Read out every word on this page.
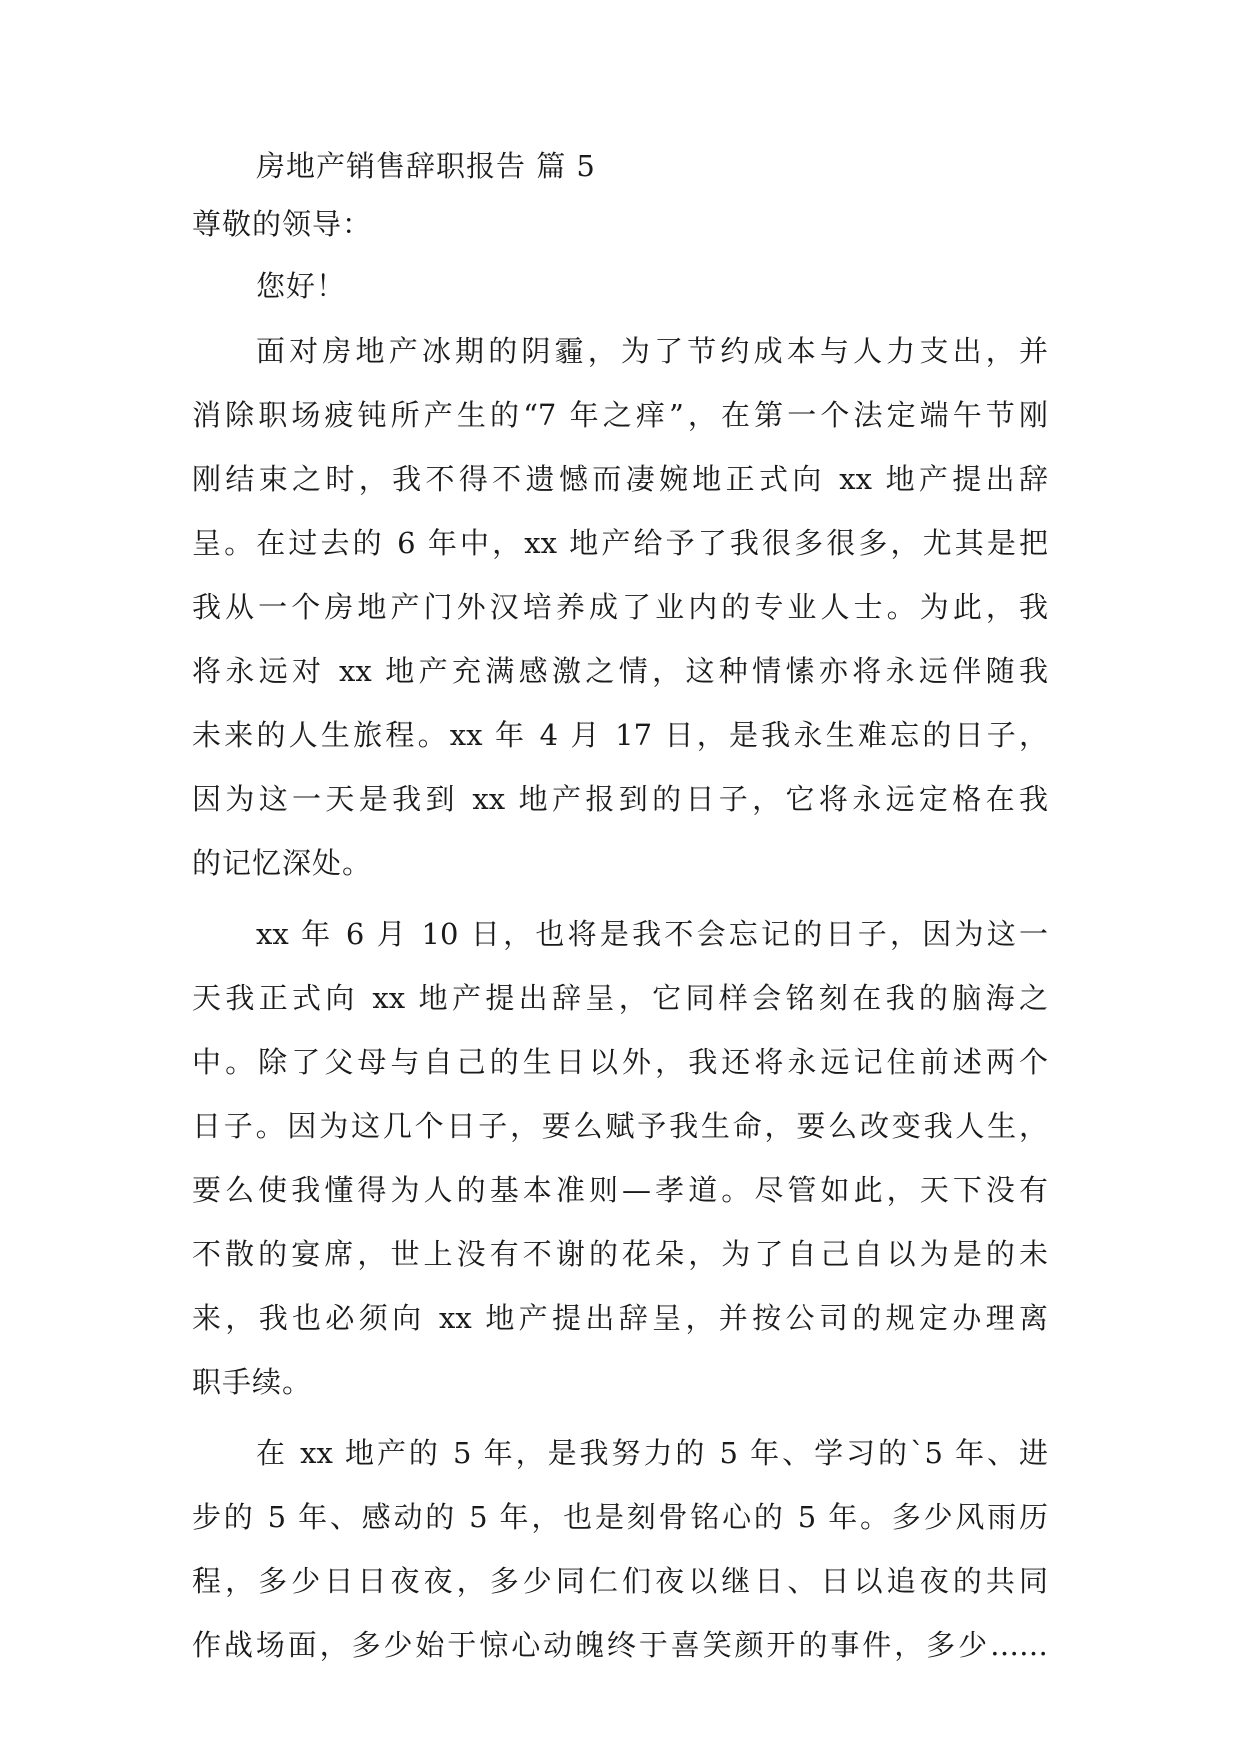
房地产销售辞职报告 篇 5
尊敬的领导：
您好！
面对房地产冰期的阴霾，为了节约成本与人力支出，并
消除职场疲钝所产生的“7 年之痒”，在第一个法定端午节刚
刚结束之时，我不得不遗憾而凄婉地正式向 xx 地产提出辞
呈。在过去的 6 年中，xx 地产给予了我很多很多，尤其是把
我从一个房地产门外汉培养成了业内的专业人士。为此，我
将永远对 xx 地产充满感激之情，这种情愫亦将永远伴随我
未来的人生旅程。xx 年 4 月 17 日，是我永生难忘的日子，
因为这一天是我到 xx 地产报到的日子，它将永远定格在我
的记忆深处。
xx 年 6 月 10 日，也将是我不会忘记的日子，因为这一
天我正式向 xx 地产提出辞呈，它同样会铭刻在我的脑海之
中。除了父母与自己的生日以外，我还将永远记住前述两个
日子。因为这几个日子，要么赋予我生命，要么改变我人生，
要么使我懂得为人的基本准则—孝道。尽管如此，天下没有
不散的宴席，世上没有不谢的花朵，为了自己自以为是的未
来，我也必须向 xx 地产提出辞呈，并按公司的规定办理离
职手续。
在 xx 地产的 5 年，是我努力的 5 年、学习的`5 年、进
步的 5 年、感动的 5 年，也是刻骨铭心的 5 年。多少风雨历
程，多少日日夜夜，多少同仁们夜以继日、日以追夜的共同
作战场面，多少始于惊心动魄终于喜笑颜开的事件，多少……
